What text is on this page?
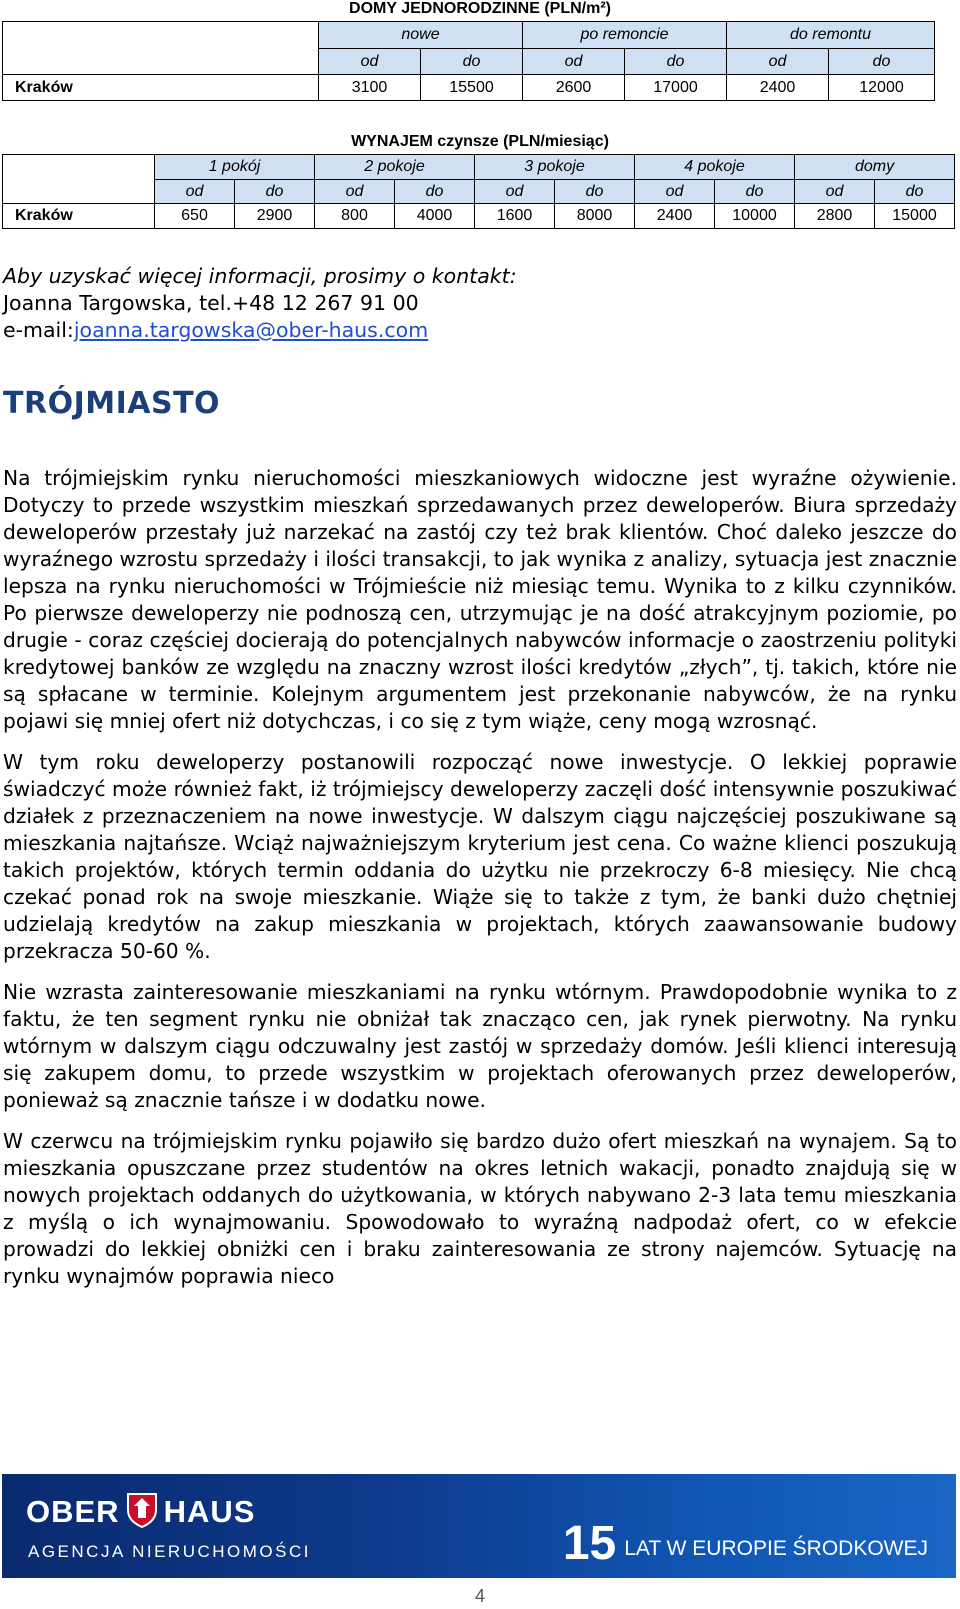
DOMY JEDNORODZINNE (PLN/m²)
	nowe		po remoncie		do remontu	
	od	do	od	do	od	do
Kraków	3100	15500	2600	17000	2400	12000
WYNAJEM czynsze (PLN/miesiąc)
	1 pokój		2 pokoje		3 pokoje		4 pokoje		domy	
	od	do	od	do	od	do	od	do	od	do
Kraków	650	2900	800	4000	1600	8000	2400	10000	2800	15000
Aby uzyskać więcej informacji, prosimy o kontakt:
Joanna Targowska, tel.+48 12 267 91 00
e-mail:joanna.targowska@ober-haus.com
TRÓJMIASTO

Na trójmiejskim rynku nieruchomości mieszkaniowych widoczne jest wyraźne ożywienie. Dotyczy to przede wszystkim mieszkań sprzedawanych przez deweloperów. Biura sprzedaży deweloperów przestały już narzekać na zastój czy też brak klientów. Choć daleko jeszcze do wyraźnego wzrostu sprzedaży i ilości transakcji, to jak wynika z analizy, sytuacja jest znacznie lepsza na rynku nieruchomości w Trójmieście niż miesiąc temu. Wynika to z kilku czynników. Po pierwsze deweloperzy nie podnoszą cen, utrzymując je na dość atrakcyjnym poziomie, po drugie - coraz częściej docierają do potencjalnych nabywców informacje o zaostrzeniu polityki kredytowej banków ze względu na znaczny wzrost ilości kredytów „złych”, tj. takich, które nie są spłacane w terminie. Kolejnym argumentem jest przekonanie nabywców, że na rynku pojawi się mniej ofert niż dotychczas, i co się z tym wiąże, ceny mogą wzrosnąć.

W tym roku deweloperzy postanowili rozpocząć nowe inwestycje. O lekkiej poprawie świadczyć może również fakt, iż trójmiejscy deweloperzy zaczęli dość intensywnie poszukiwać działek z przeznaczeniem na nowe inwestycje. W dalszym ciągu najczęściej poszukiwane są mieszkania najtańsze. Wciąż najważniejszym kryterium jest cena. Co ważne klienci poszukują takich projektów, których termin oddania do użytku nie przekroczy 6-8 miesięcy. Nie chcą czekać ponad rok na swoje mieszkanie. Wiąże się to także z tym, że banki dużo chętniej udzielają kredytów na zakup mieszkania w projektach, których zaawansowanie budowy przekracza 50-60 %.

Nie wzrasta zainteresowanie mieszkaniami na rynku wtórnym. Prawdopodobnie wynika to z faktu, że ten segment rynku nie obniżał tak znacząco cen, jak rynek pierwotny. Na rynku wtórnym w dalszym ciągu odczuwalny jest zastój w sprzedaży domów. Jeśli klienci interesują się zakupem domu, to przede wszystkim w projektach oferowanych przez deweloperów, ponieważ są znacznie tańsze i w dodatku nowe.

W czerwcu na trójmiejskim rynku pojawiło się bardzo dużo ofert mieszkań na wynajem. Są to mieszkania opuszczane przez studentów na okres letnich wakacji, ponadto znajdują się w nowych projektach oddanych do użytkowania, w których nabywano 2-3 lata temu mieszkania z myślą o ich wynajmowaniu. Spowodowało to wyraźną nadpodaż ofert, co w efekcie prowadzi do lekkiej obniżki cen i braku zainteresowania ze strony najemców. Sytuację na rynku wynajmów poprawia nieco

OBER HAUS
AGENCJA NIERUCHOMOŚCI	15 LAT W EUROPIE ŚRODKOWEJ
4
